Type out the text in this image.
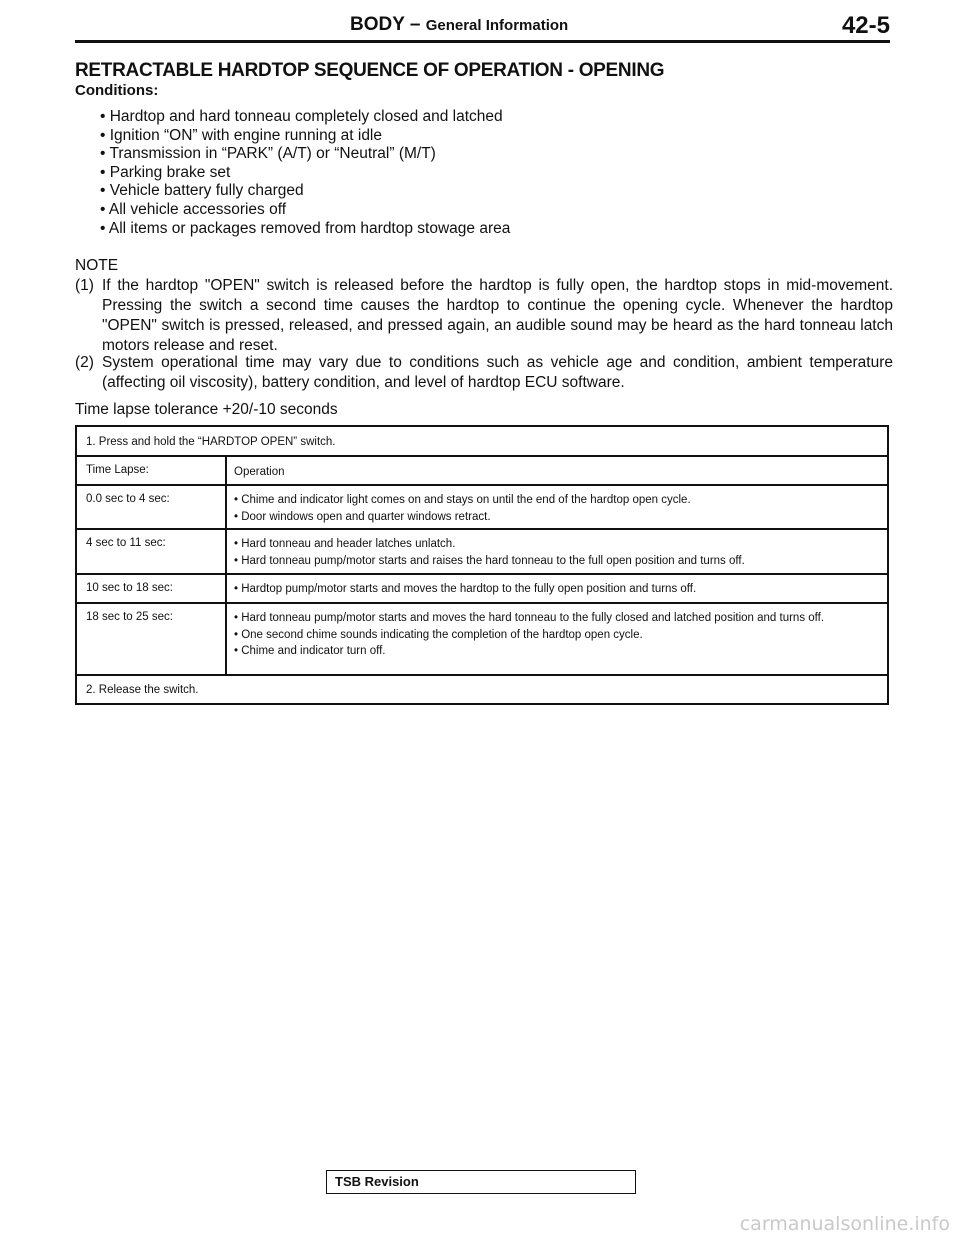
BODY – General Information	42-5
RETRACTABLE HARDTOP SEQUENCE OF OPERATION - OPENING
Conditions:
• Hardtop and hard tonneau completely closed and latched
• Ignition “ON” with engine running at idle
• Transmission in “PARK” (A/T) or “Neutral” (M/T)
• Parking brake set
• Vehicle battery fully charged
• All vehicle accessories off
• All items or packages removed from hardtop stowage area
NOTE
(1) If the hardtop "OPEN" switch is released before the hardtop is fully open, the hardtop stops in mid-movement. Pressing the switch a second time causes the hardtop to continue the opening cycle. Whenever the hardtop "OPEN" switch is pressed, released, and pressed again, an audible sound may be heard as the hard tonneau latch motors release and reset.
(2) System operational time may vary due to conditions such as vehicle age and condition, ambient temperature (affecting oil viscosity), battery condition, and level of hardtop ECU software.
Time lapse tolerance +20/-10 seconds
1. Press and hold the “HARDTOP OPEN” switch.
Time Lapse:	Operation
0.0 sec to 4 sec:	• Chime and indicator light comes on and stays on until the end of the hardtop open cycle.
• Door windows open and quarter windows retract.
4 sec to 11 sec:	• Hard tonneau and header latches unlatch.
• Hard tonneau pump/motor starts and raises the hard tonneau to the full open position and turns off.
10 sec to 18 sec:	• Hardtop pump/motor starts and moves the hardtop to the fully open position and turns off.
18 sec to 25 sec:	• Hard tonneau pump/motor starts and moves the hard tonneau to the fully closed and latched position and turns off.
• One second chime sounds indicating the completion of the hardtop open cycle.
• Chime and indicator turn off.
2. Release the switch.
TSB Revision
carmanualsonline.info
